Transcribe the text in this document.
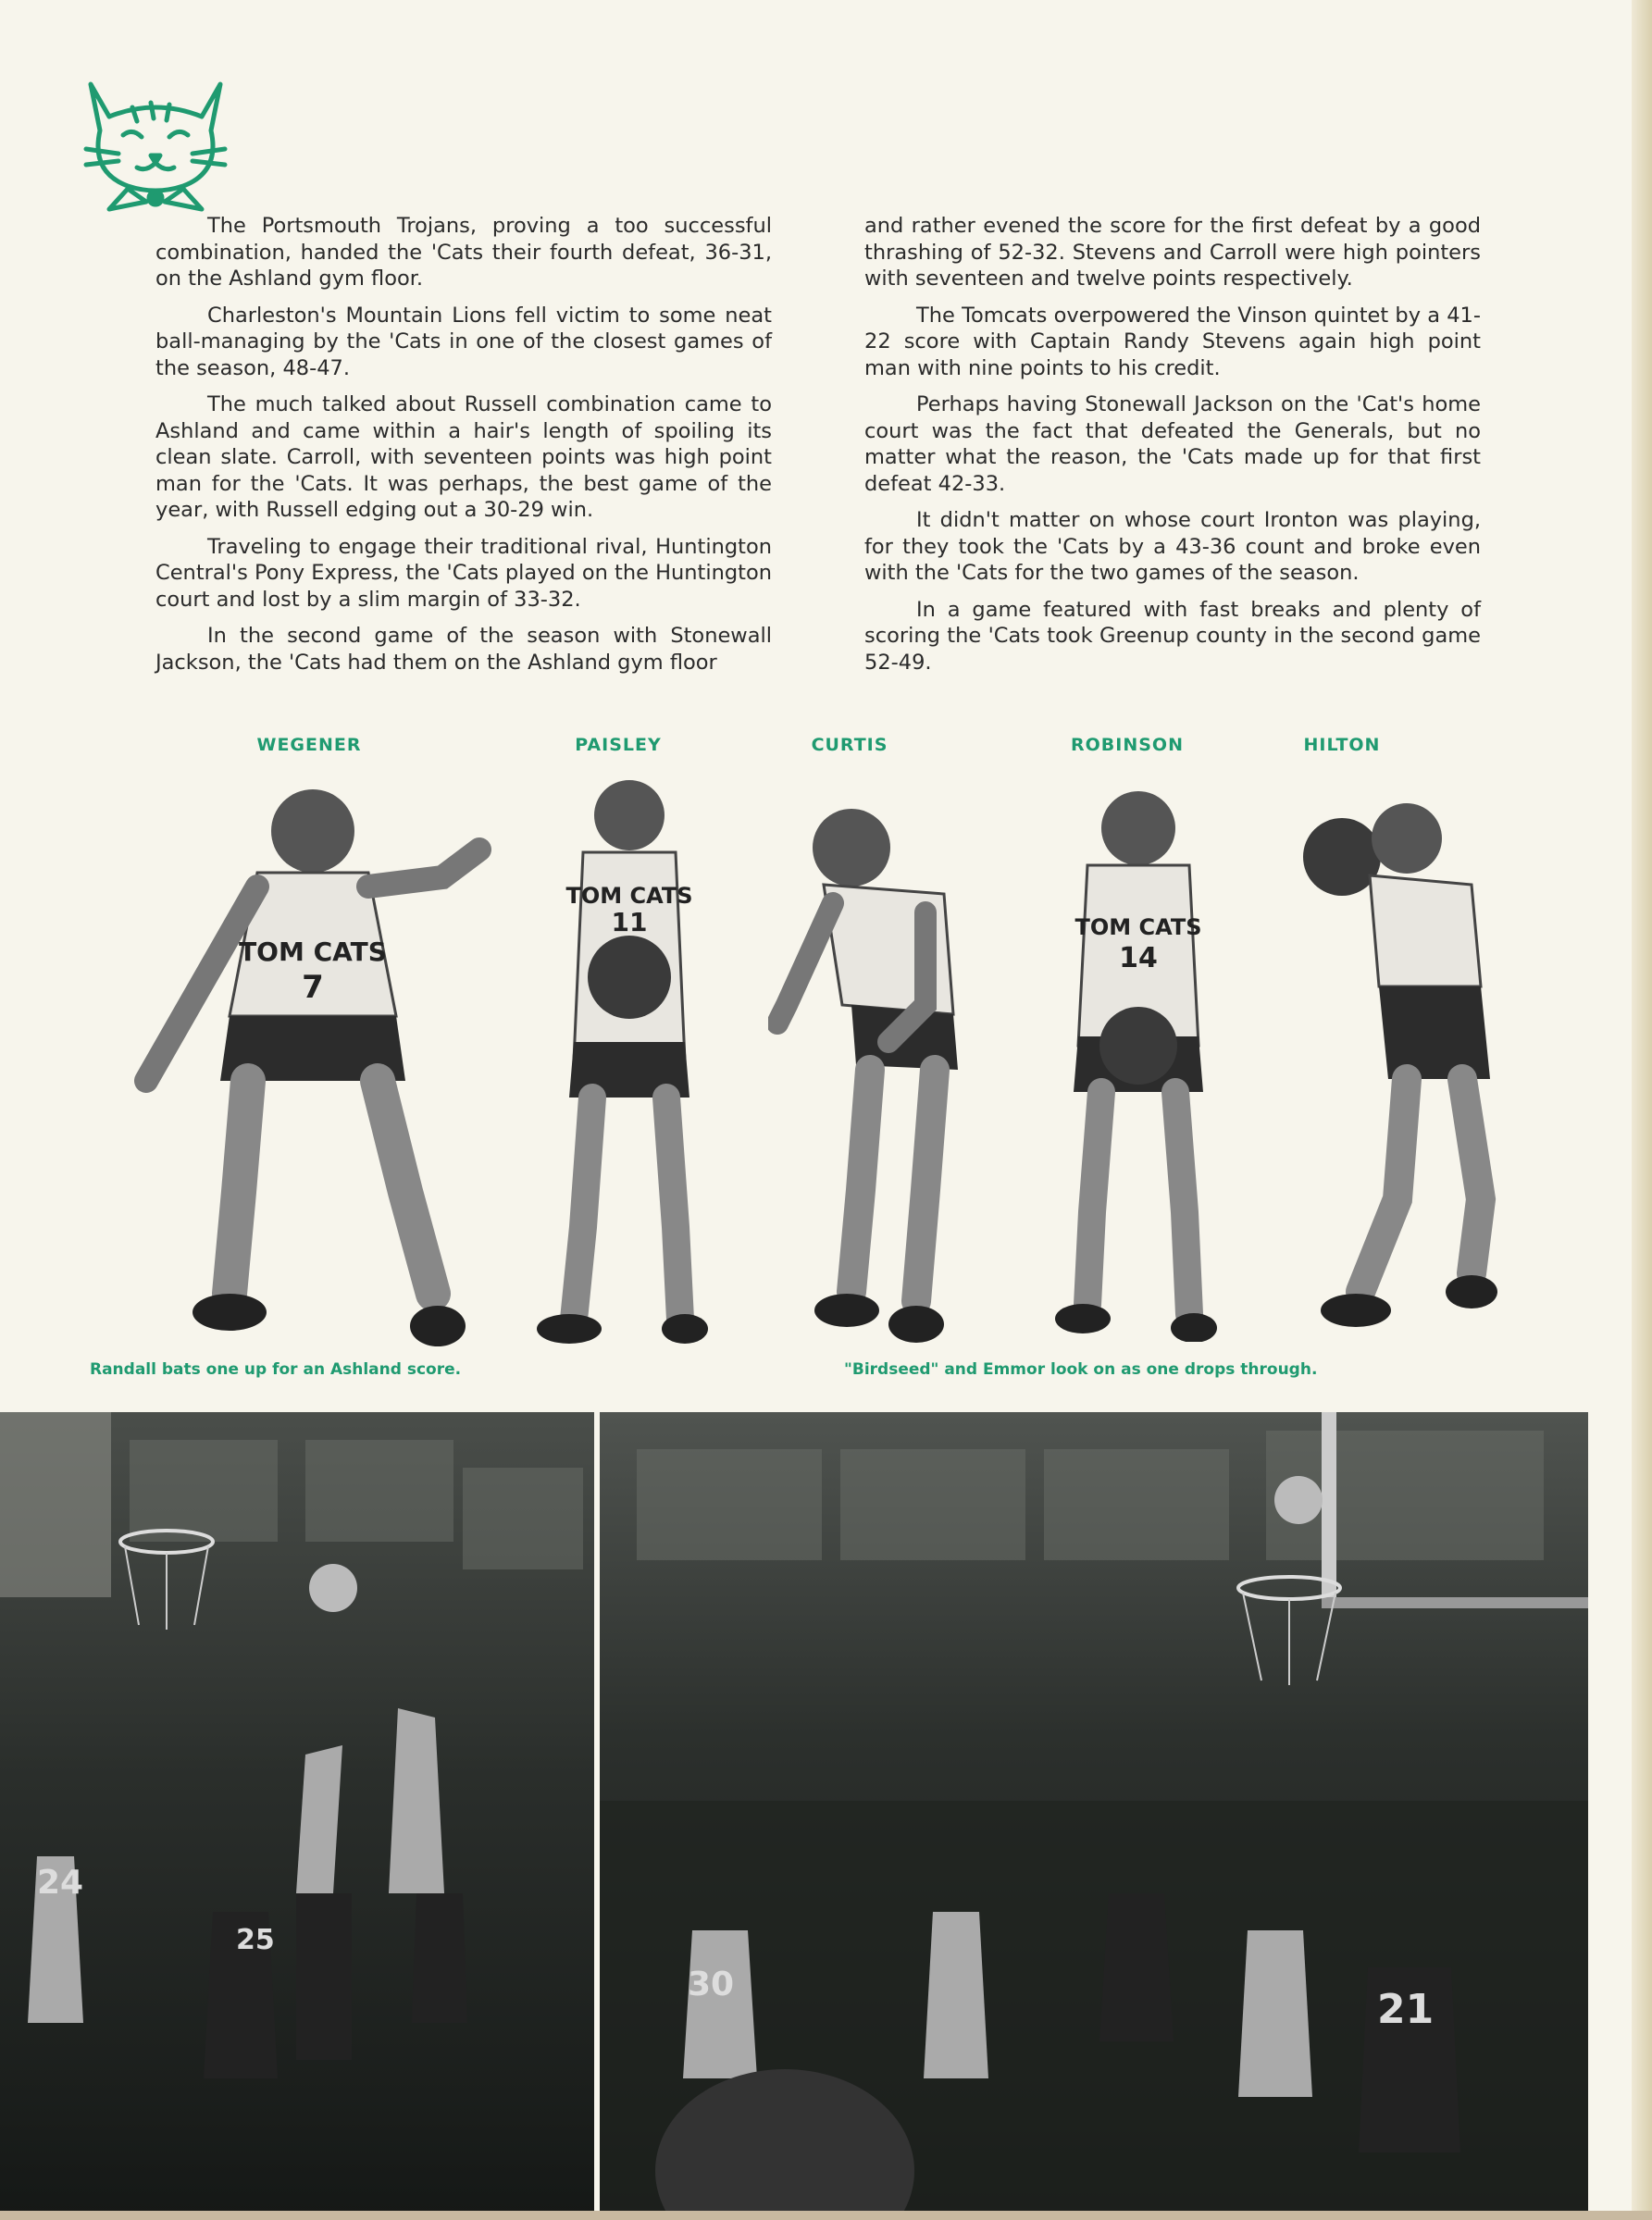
The Portsmouth Trojans, proving a too successful combination, handed the 'Cats their fourth defeat, 36-31, on the Ashland gym floor.

Charleston's Mountain Lions fell victim to some neat ball-managing by the 'Cats in one of the closest games of the season, 48-47.

The much talked about Russell combination came to Ashland and came within a hair's length of spoiling its clean slate. Carroll, with seventeen points was high point man for the 'Cats. It was perhaps, the best game of the year, with Russell edging out a 30-29 win.

Traveling to engage their traditional rival, Huntington Central's Pony Express, the 'Cats played on the Huntington court and lost by a slim margin of 33-32.

In the second game of the season with Stonewall Jackson, the 'Cats had them on the Ashland gym floor

and rather evened the score for the first defeat by a good thrashing of 52-32. Stevens and Carroll were high pointers with seventeen and twelve points respectively.

The Tomcats overpowered the Vinson quintet by a 41-22 score with Captain Randy Stevens again high point man with nine points to his credit.

Perhaps having Stonewall Jackson on the 'Cat's home court was the fact that defeated the Generals, but no matter what the reason, the 'Cats made up for that first defeat 42-33.

It didn't matter on whose court Ironton was playing, for they took the 'Cats by a 43-36 count and broke even with the 'Cats for the two games of the season.

In a game featured with fast breaks and plenty of scoring the 'Cats took Greenup county in the second game 52-49.

WEGENER	PAISLEY	CURTIS	ROBINSON	HILTON
TOM CATS
7
TOM CATS
11	TOM CATS
14
Randall bats one up for an Ashland score.	"Birdseed" and Emmor look on as one drops through.
24
25
30
21
